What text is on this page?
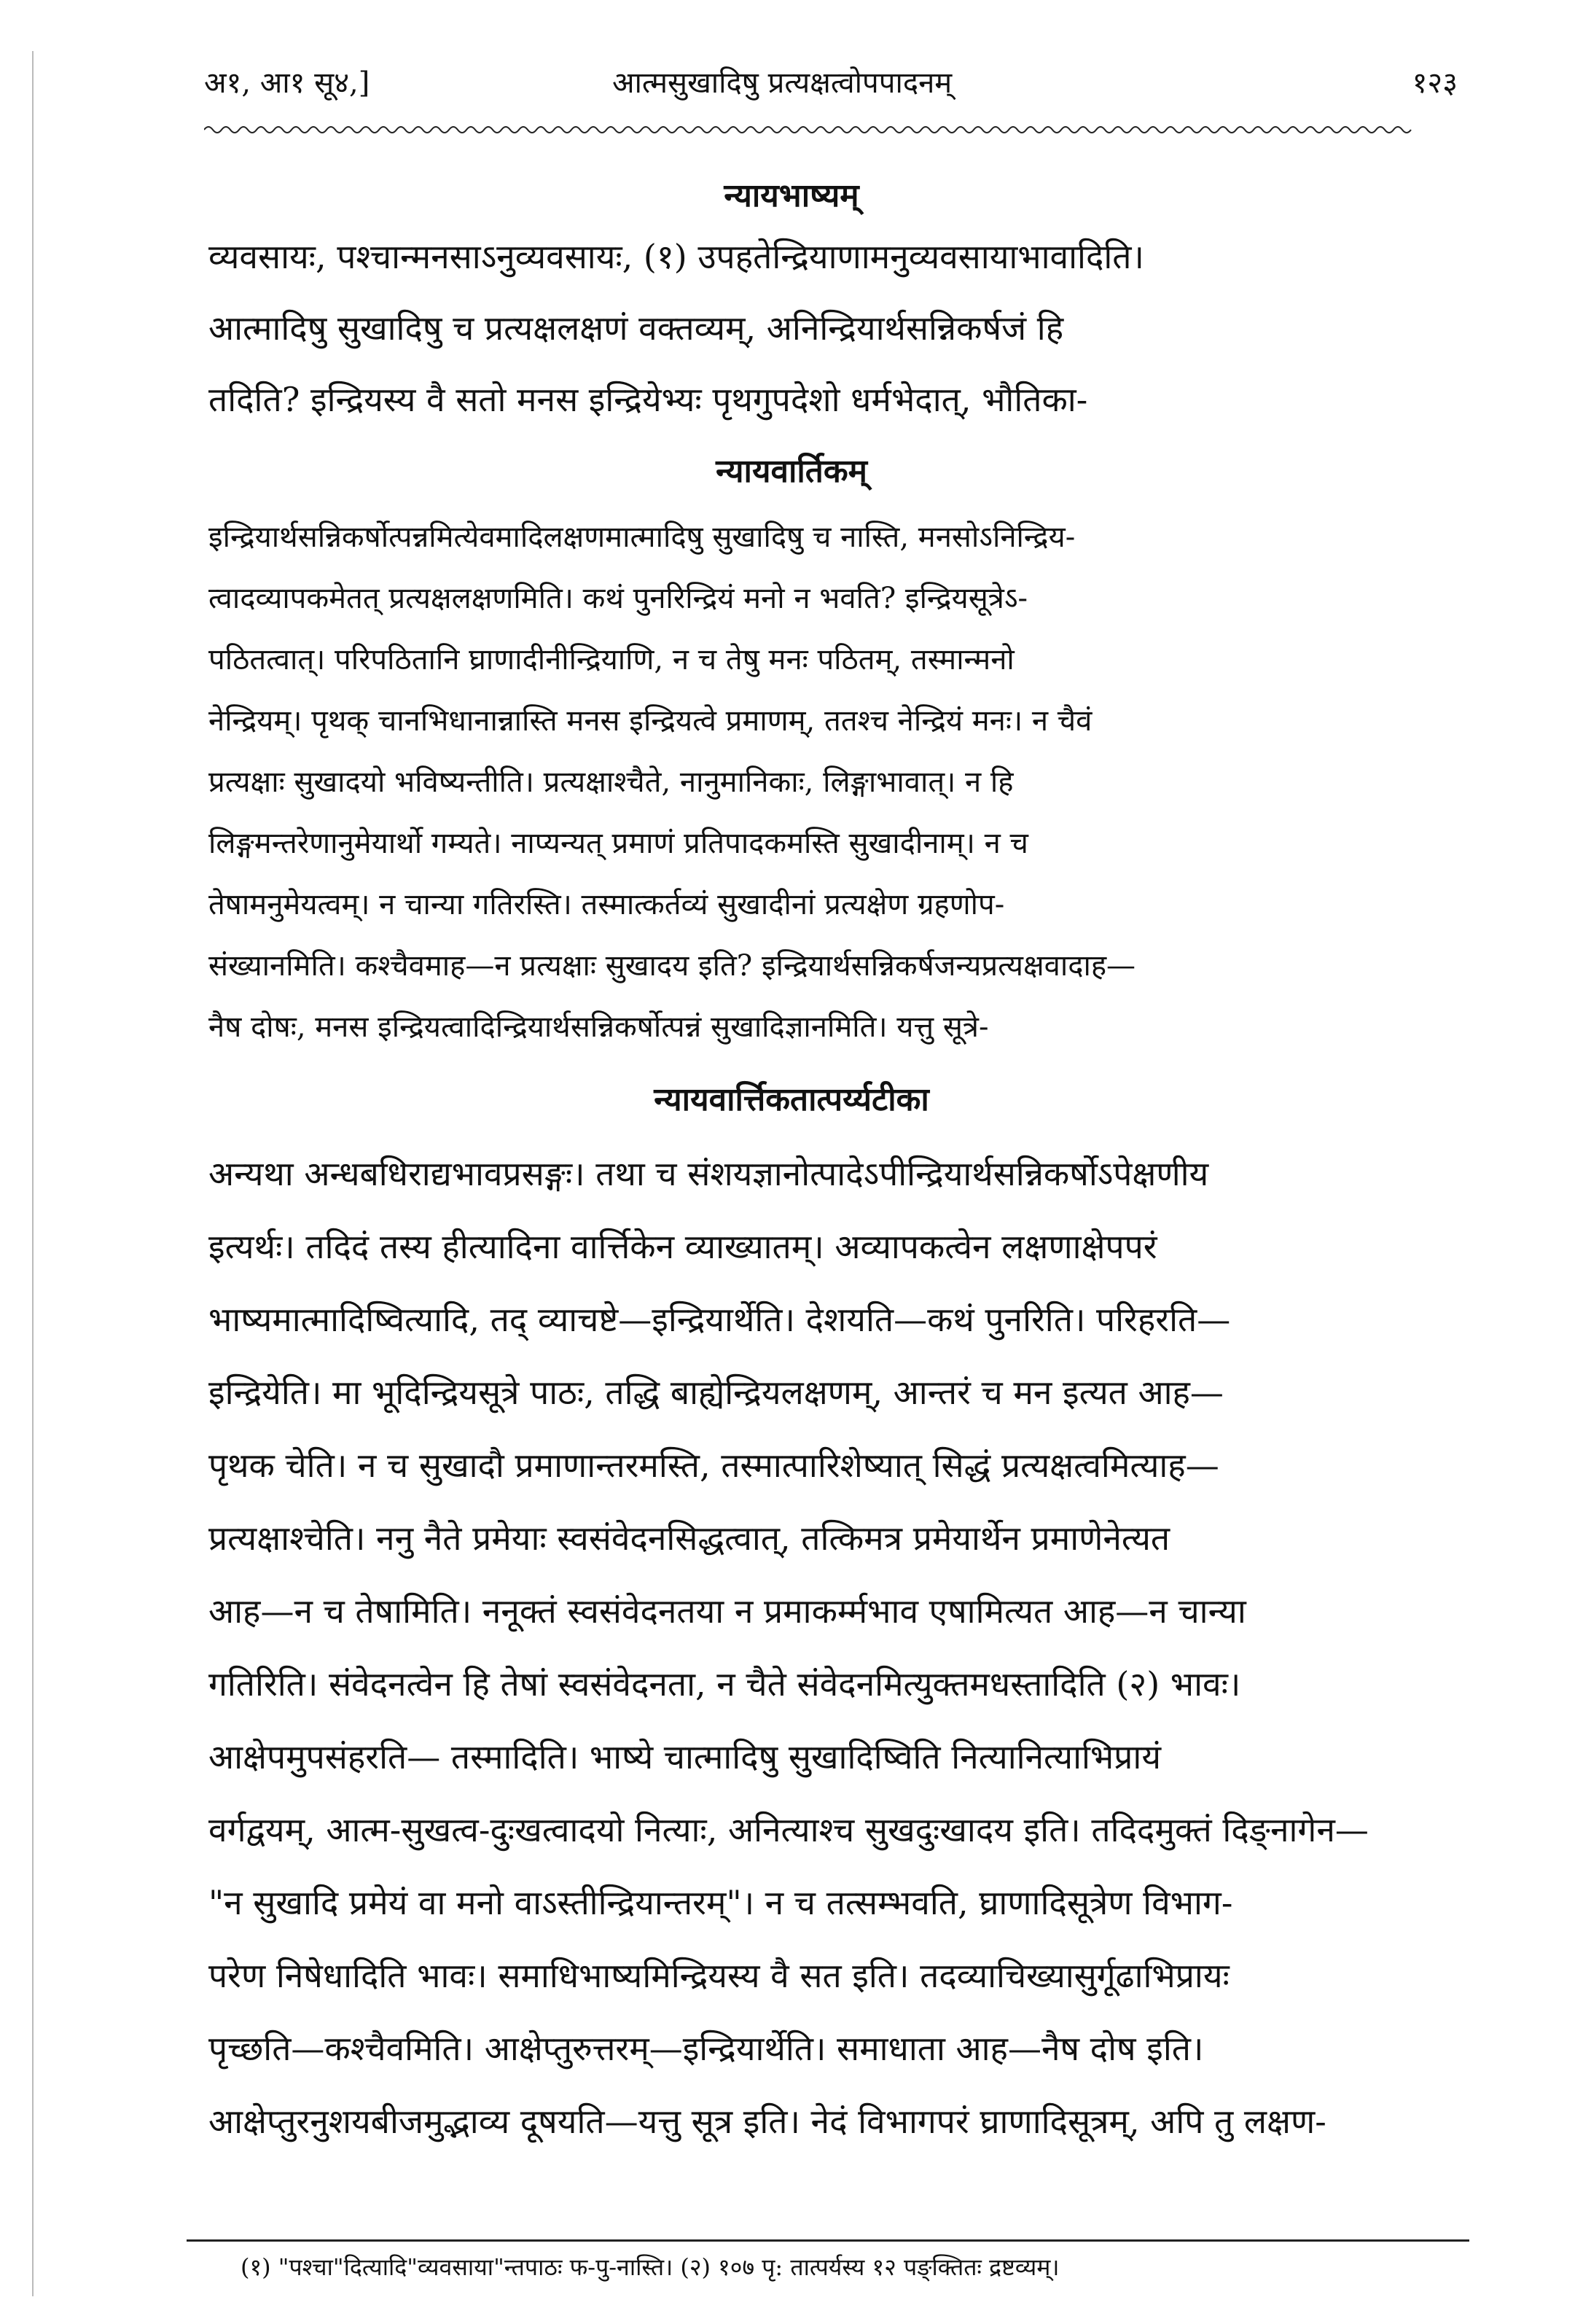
अ१, आ१ सू४,]	आत्मसुखादिषु प्रत्यक्षत्वोपपादनम्	१२३
न्यायभाष्यम्
व्यवसायः, पश्चान्मनसाऽनुव्यवसायः, (१) उपहतेन्द्रियाणामनुव्यवसायाभावादिति।
आत्मादिषु सुखादिषु च प्रत्यक्षलक्षणं वक्तव्यम्, अनिन्द्रियार्थसन्निकर्षजं हि
तदिति? इन्द्रियस्य वै सतो मनस इन्द्रियेभ्यः पृथगुपदेशो धर्मभेदात्, भौतिका-
न्यायवार्तिकम्
इन्द्रियार्थसन्निकर्षोत्पन्नमित्येवमादिलक्षणमात्मादिषु सुखादिषु च नास्ति, मनसोऽनिन्द्रिय-
त्वादव्यापकमेतत् प्रत्यक्षलक्षणमिति। कथं पुनरिन्द्रियं मनो न भवति? इन्द्रियसूत्रेऽ-
पठितत्वात्। परिपठितानि घ्राणादीनीन्द्रियाणि, न च तेषु मनः पठितम्, तस्मान्मनो
नेन्द्रियम्। पृथक् चानभिधानान्नास्ति मनस इन्द्रियत्वे प्रमाणम्, ततश्च नेन्द्रियं मनः। न चैवं
प्रत्यक्षाः सुखादयो भविष्यन्तीति। प्रत्यक्षाश्चैते, नानुमानिकाः, लिङ्गाभावात्। न हि
लिङ्गमन्तरेणानुमेयार्थो गम्यते। नाप्यन्यत् प्रमाणं प्रतिपादकमस्ति सुखादीनाम्। न च
तेषामनुमेयत्वम्। न चान्या गतिरस्ति। तस्मात्कर्तव्यं सुखादीनां प्रत्यक्षेण ग्रहणोप-
संख्यानमिति। कश्चैवमाह—न प्रत्यक्षाः सुखादय इति? इन्द्रियार्थसन्निकर्षजन्यप्रत्यक्षवादाह—
नैष दोषः, मनस इन्द्रियत्वादिन्द्रियार्थसन्निकर्षोत्पन्नं सुखादिज्ञानमिति। यत्तु सूत्रे-
न्यायवार्त्तिकतात्पर्य्यटीका
अन्यथा अन्धबधिराद्यभावप्रसङ्गः। तथा च संशयज्ञानोत्पादेऽपीन्द्रियार्थसन्निकर्षोऽपेक्षणीय
इत्यर्थः। तदिदं तस्य हीत्यादिना वार्त्तिकेन व्याख्यातम्। अव्यापकत्वेन लक्षणाक्षेपपरं
भाष्यमात्मादिष्वित्यादि, तद् व्याचष्टे—इन्द्रियार्थेति। देशयति—कथं पुनरिति। परिहरति—
इन्द्रियेति। मा भूदिन्द्रियसूत्रे पाठः, तद्धि बाह्येन्द्रियलक्षणम्, आन्तरं च मन इत्यत आह—
पृथक चेति। न च सुखादौ प्रमाणान्तरमस्ति, तस्मात्पारिशेष्यात् सिद्धं प्रत्यक्षत्वमित्याह—
प्रत्यक्षाश्चेति। ननु नैते प्रमेयाः स्वसंवेदनसिद्धत्वात्, तत्किमत्र प्रमेयार्थेन प्रमाणेनेत्यत
आह—न च तेषामिति। ननूक्तं स्वसंवेदनतया न प्रमाकर्म्मभाव एषामित्यत आह—न चान्या
गतिरिति। संवेदनत्वेन हि तेषां स्वसंवेदनता, न चैते संवेदनमित्युक्तमधस्तादिति (२) भावः।
आक्षेपमुपसंहरति— तस्मादिति। भाष्ये चात्मादिषु सुखादिष्विति नित्यानित्याभिप्रायं
वर्गद्वयम्, आत्म-सुखत्व-दुःखत्वादयो नित्याः, अनित्याश्च सुखदुःखादय इति। तदिदमुक्तं दिङ्नागेन—
"न सुखादि प्रमेयं वा मनो वाऽस्तीन्द्रियान्तरम्"। न च तत्सम्भवति, घ्राणादिसूत्रेण विभाग-
परेण निषेधादिति भावः। समाधिभाष्यमिन्द्रियस्य वै सत इति। तदव्याचिख्यासुर्गूढाभिप्रायः
पृच्छति—कश्चैवमिति। आक्षेप्तुरुत्तरम्—इन्द्रियार्थेति। समाधाता आह—नैष दोष इति।
आक्षेप्तुरनुशयबीजमुद्भाव्य दूषयति—यत्तु सूत्र इति। नेदं विभागपरं घ्राणादिसूत्रम्, अपि तु लक्षण-
(१) "पश्चा"दित्यादि"व्यवसाया"न्तपाठः फ-पु-नास्ति। (२) १०७ पृ: तात्पर्यस्य १२ पङ्क्तितः द्रष्टव्यम्।
